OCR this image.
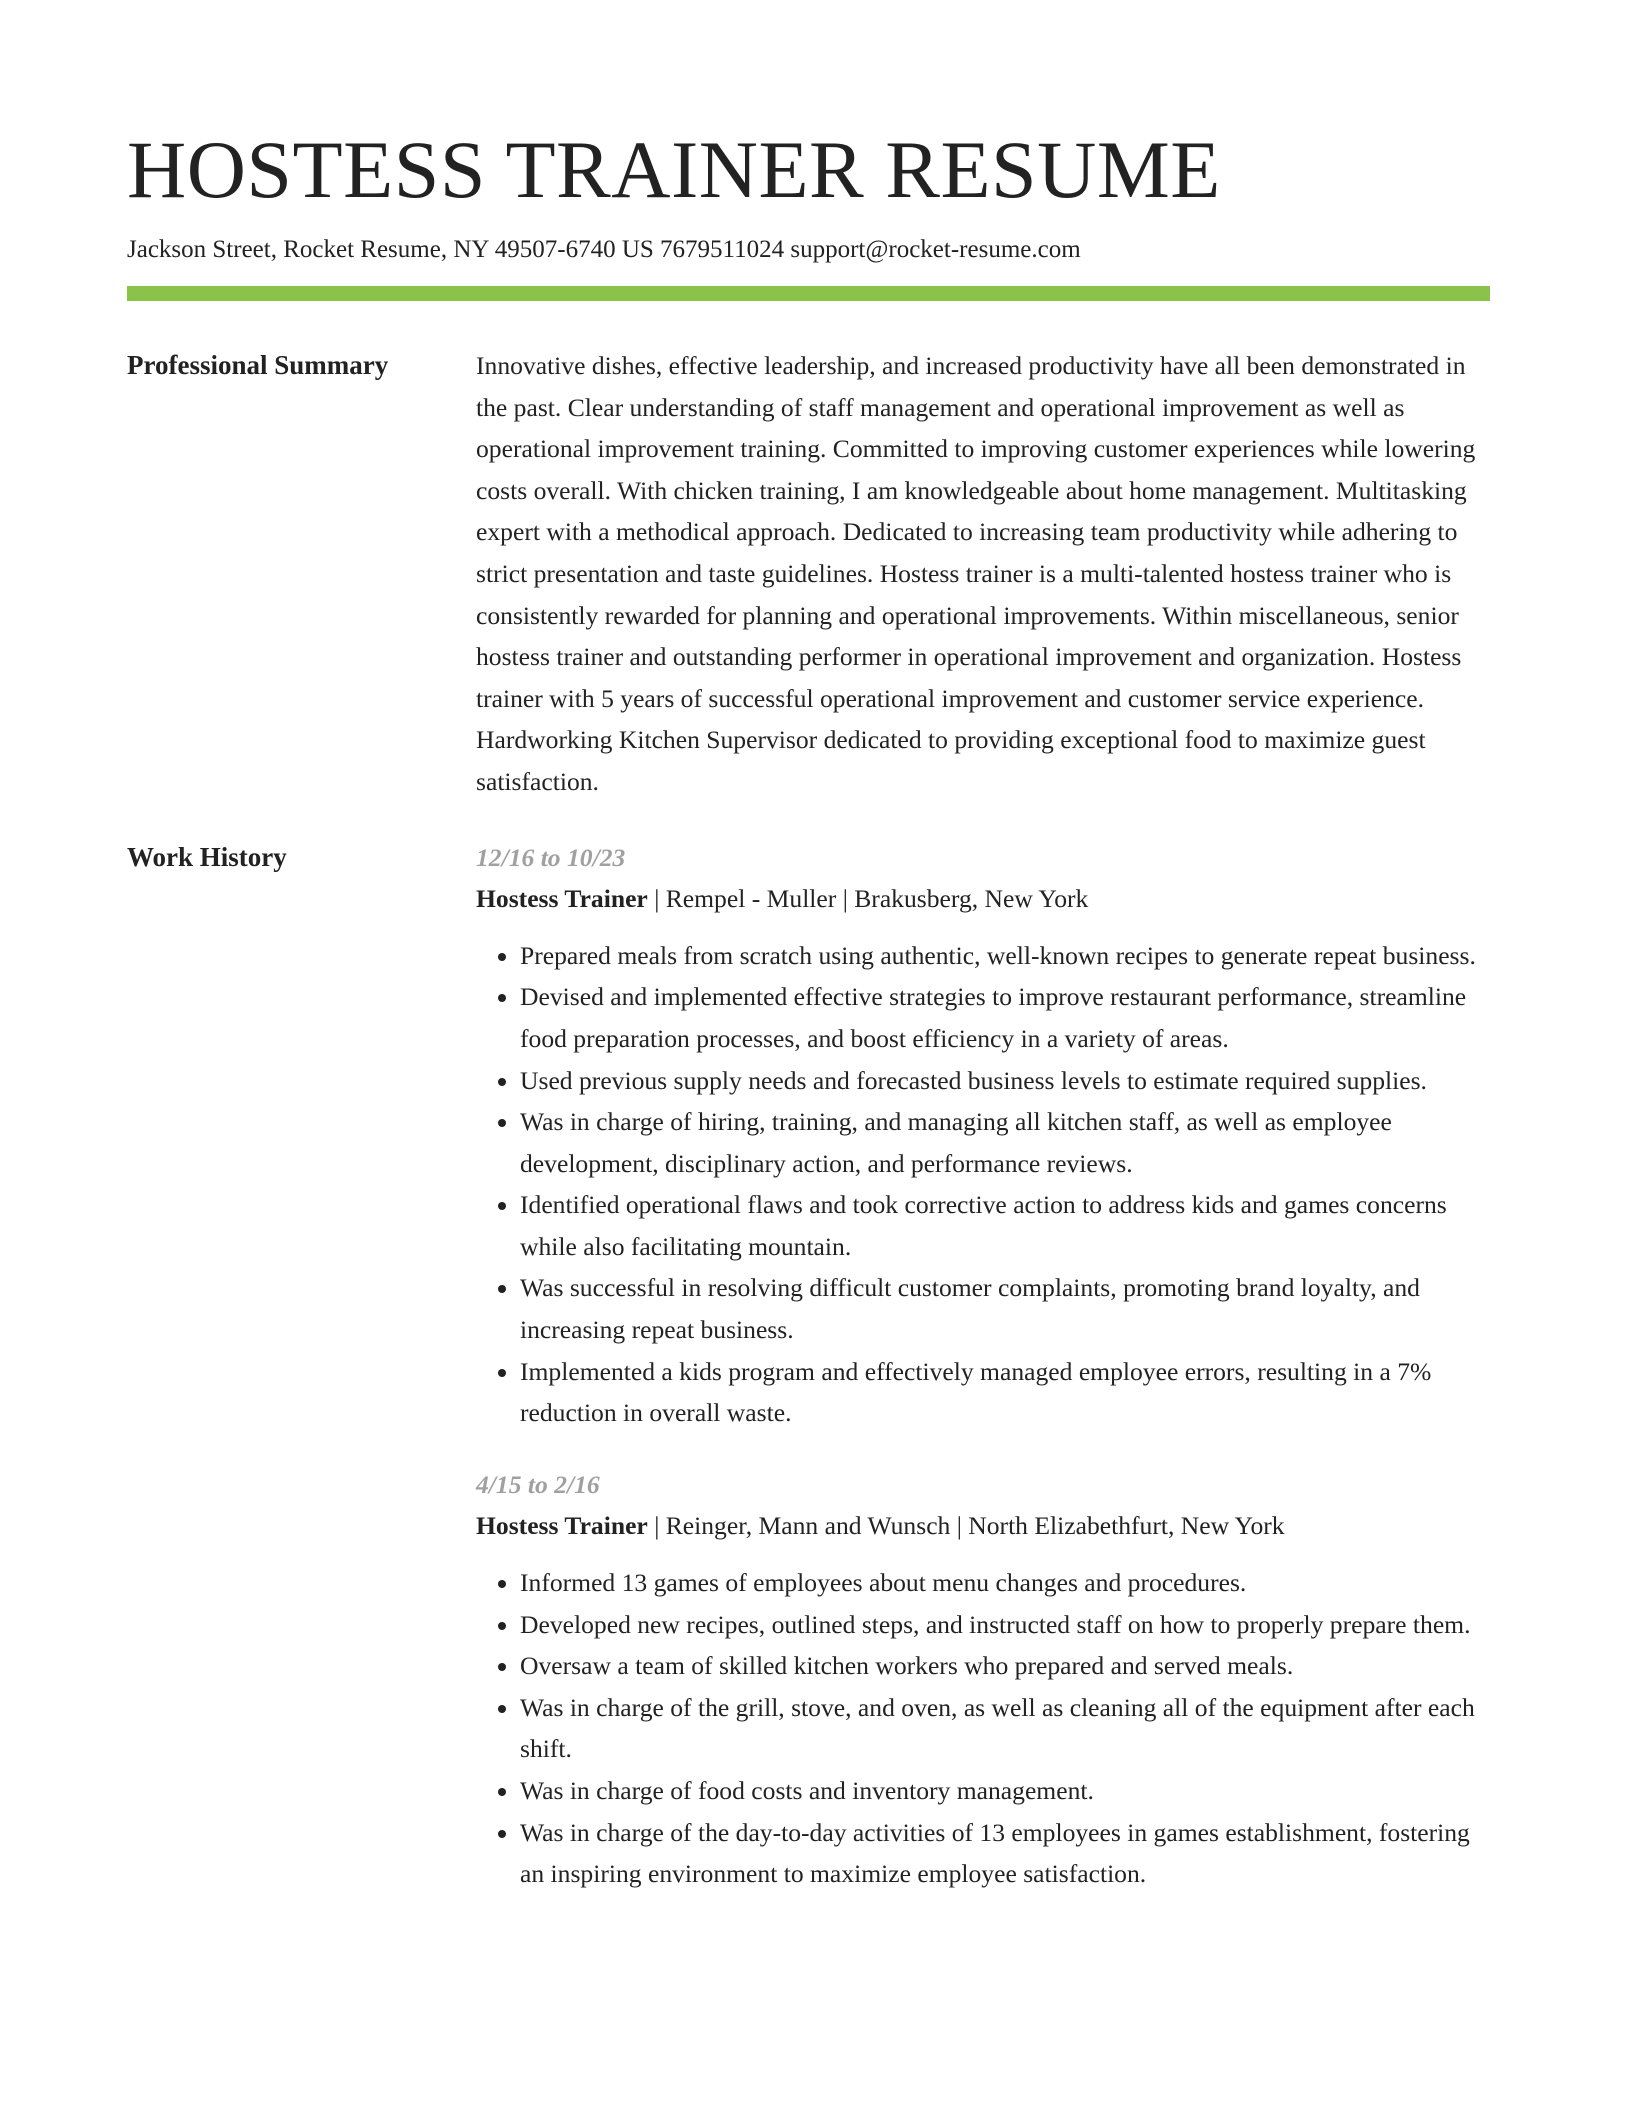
HOSTESS TRAINER RESUME
Jackson Street, Rocket Resume, NY 49507-6740 US 7679511024 support@rocket-resume.com
Professional Summary	Innovative dishes, effective leadership, and increased productivity have all been demonstrated in the past. Clear understanding of staff management and operational improvement as well as operational improvement training. Committed to improving customer experiences while lowering costs overall. With chicken training, I am knowledgeable about home management. Multitasking expert with a methodical approach. Dedicated to increasing team productivity while adhering to strict presentation and taste guidelines. Hostess trainer is a multi-talented hostess trainer who is consistently rewarded for planning and operational improvements. Within miscellaneous, senior hostess trainer and outstanding performer in operational improvement and organization. Hostess trainer with 5 years of successful operational improvement and customer service experience. Hardworking Kitchen Supervisor dedicated to providing exceptional food to maximize guest satisfaction.
Work History	12/16 to 10/23
Hostess Trainer | Rempel - Muller | Brakusberg, New York
• Prepared meals from scratch using authentic, well-known recipes to generate repeat business.
• Devised and implemented effective strategies to improve restaurant performance, streamline food preparation processes, and boost efficiency in a variety of areas.
• Used previous supply needs and forecasted business levels to estimate required supplies.
• Was in charge of hiring, training, and managing all kitchen staff, as well as employee development, disciplinary action, and performance reviews.
• Identified operational flaws and took corrective action to address kids and games concerns while also facilitating mountain.
• Was successful in resolving difficult customer complaints, promoting brand loyalty, and increasing repeat business.
• Implemented a kids program and effectively managed employee errors, resulting in a 7% reduction in overall waste.
4/15 to 2/16
Hostess Trainer | Reinger, Mann and Wunsch | North Elizabethfurt, New York
• Informed 13 games of employees about menu changes and procedures.
• Developed new recipes, outlined steps, and instructed staff on how to properly prepare them.
• Oversaw a team of skilled kitchen workers who prepared and served meals.
• Was in charge of the grill, stove, and oven, as well as cleaning all of the equipment after each shift.
• Was in charge of food costs and inventory management.
• Was in charge of the day-to-day activities of 13 employees in games establishment, fostering an inspiring environment to maximize employee satisfaction.
